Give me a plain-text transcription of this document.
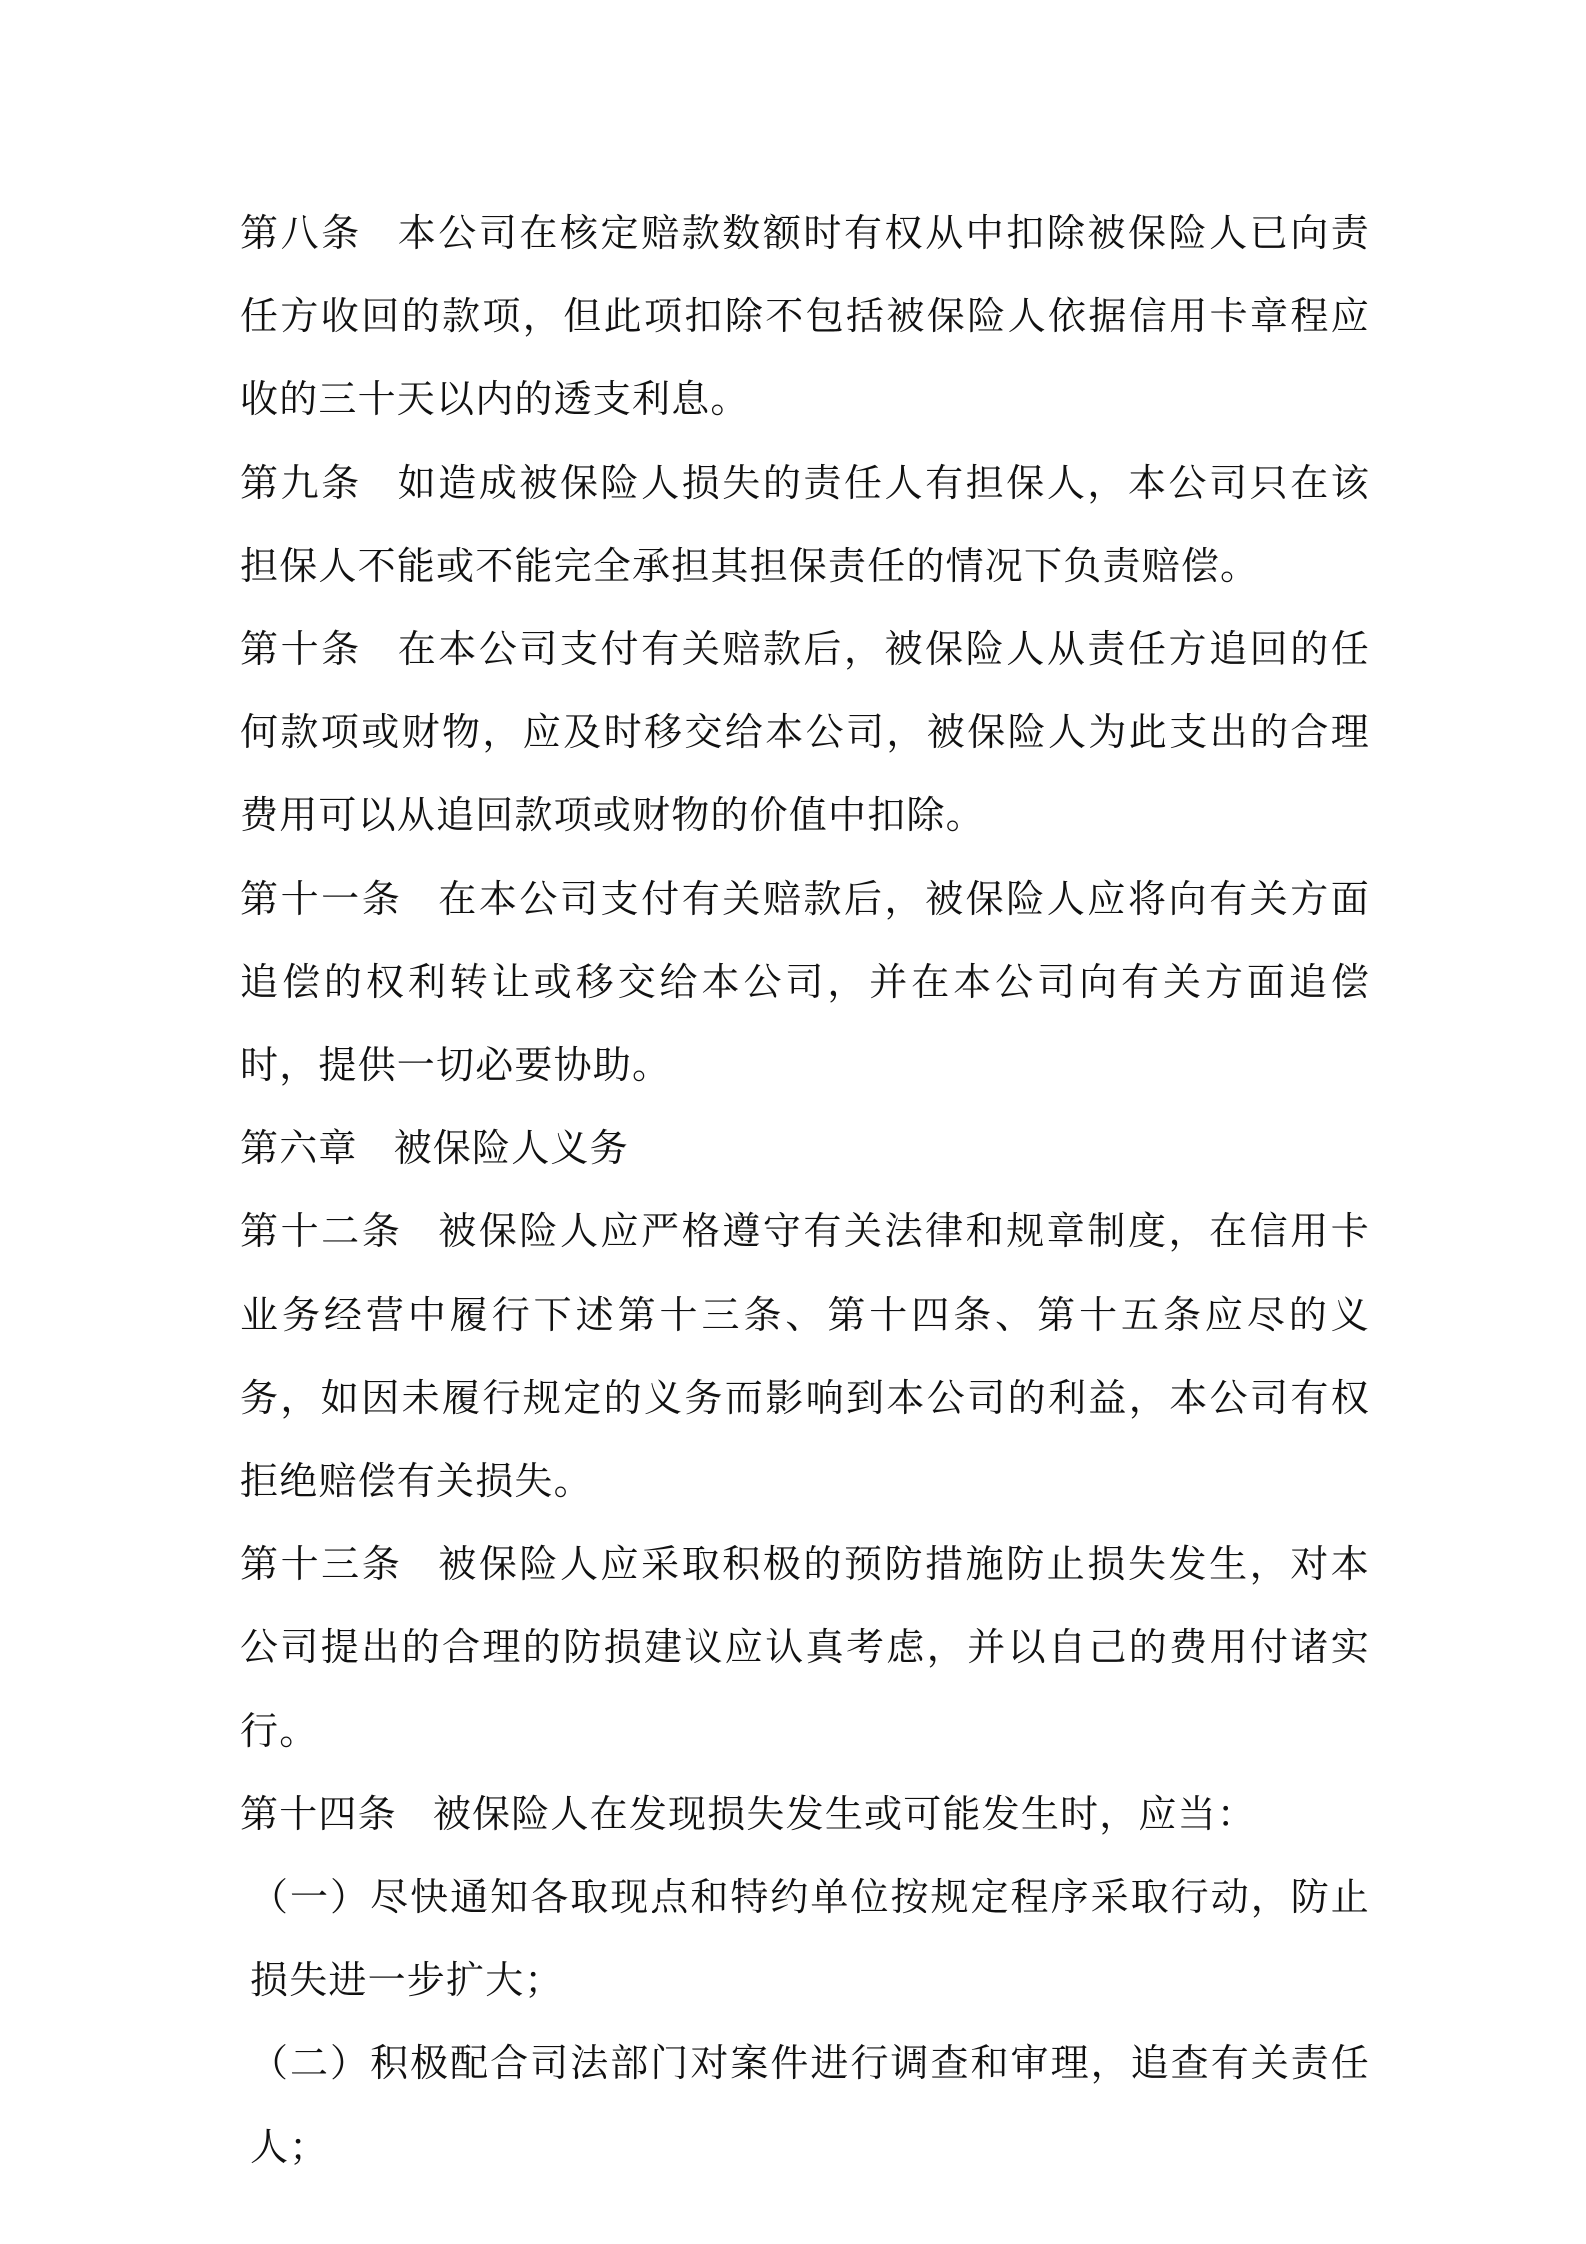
第八条 本公司在核定赔款数额时有权从中扣除被保险人已向责任方收回的款项，但此项扣除不包括被保险人依据信用卡章程应收的三十天以内的透支利息。

第九条 如造成被保险人损失的责任人有担保人，本公司只在该担保人不能或不能完全承担其担保责任的情况下负责赔偿。

第十条 在本公司支付有关赔款后，被保险人从责任方追回的任何款项或财物，应及时移交给本公司，被保险人为此支出的合理费用可以从追回款项或财物的价值中扣除。

第十一条 在本公司支付有关赔款后，被保险人应将向有关方面追偿的权利转让或移交给本公司，并在本公司向有关方面追偿时，提供一切必要协助。

第六章 被保险人义务

第十二条 被保险人应严格遵守有关法律和规章制度，在信用卡业务经营中履行下述第十三条、第十四条、第十五条应尽的义务，如因未履行规定的义务而影响到本公司的利益，本公司有权拒绝赔偿有关损失。

第十三条 被保险人应采取积极的预防措施防止损失发生，对本公司提出的合理的防损建议应认真考虑，并以自己的费用付诸实行。

第十四条 被保险人在发现损失发生或可能发生时，应当：

（一）尽快通知各取现点和特约单位按规定程序采取行动，防止损失进一步扩大；

（二）积极配合司法部门对案件进行调查和审理，追查有关责任人；
